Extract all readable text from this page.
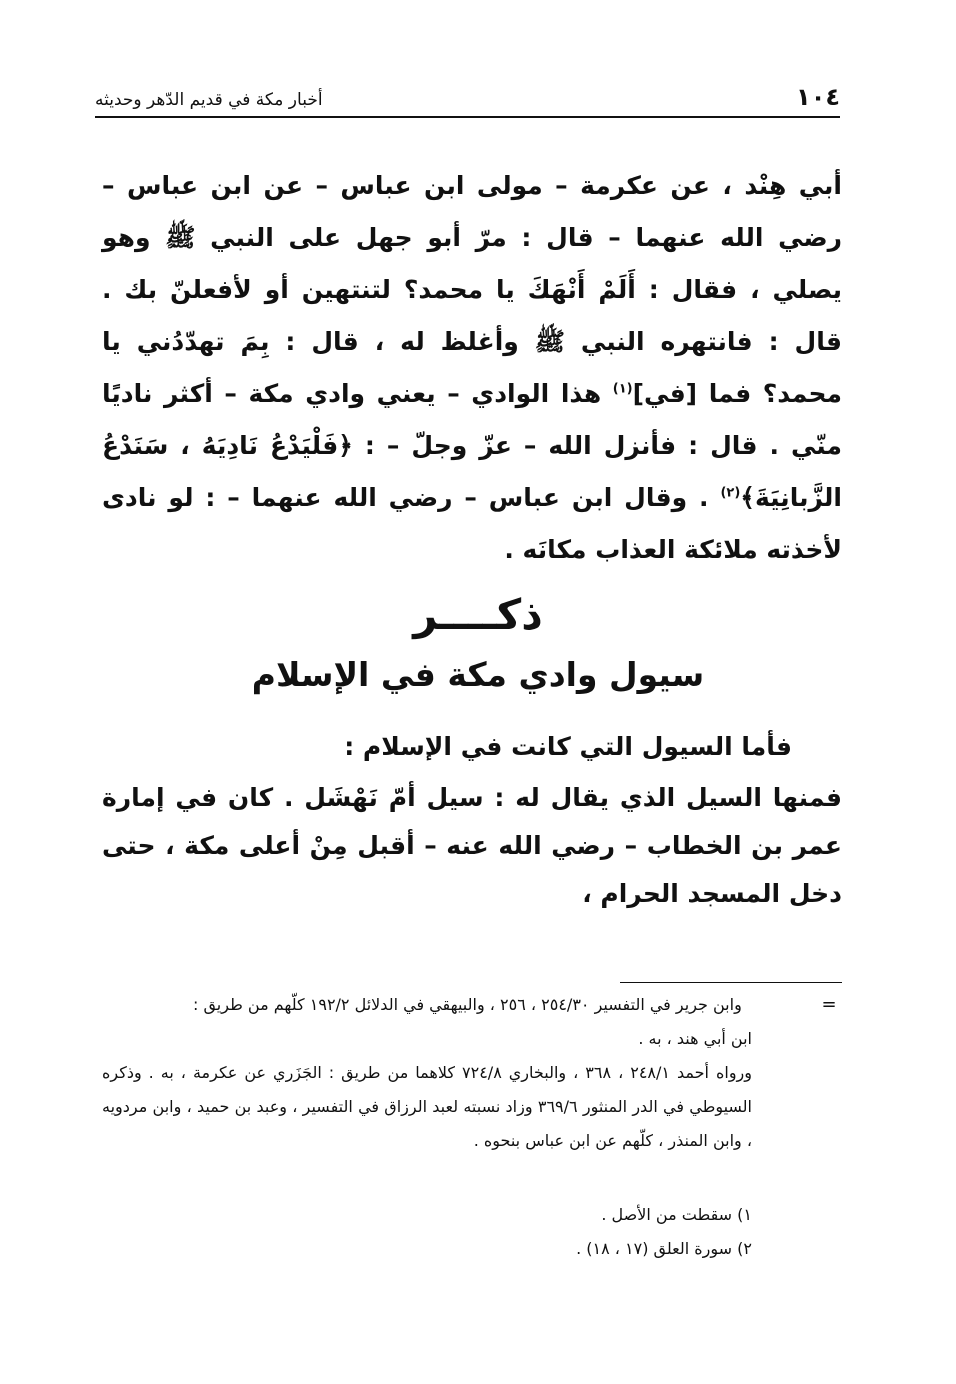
١٠٤
أخبار مكة في قديم الدّهر وحديثه

أبي هِنْد ، عن عكرمة – مولى ابن عباس – عن ابن عباس – رضي الله عنهما – قال : مرّ أبو جهل على النبي ﷺ وهو يصلي ، فقال : أَلَمْ أَنْهَكَ يا محمد؟ لتنتهين أو لأفعلنّ بك . قال : فانتهره النبي ﷺ وأغلظ له ، قال : بِمَ تهدّدُني يا محمد؟ فما [في]$^{(١)}$ هذا الوادي – يعني وادي مكة – أكثر ناديًا منّي . قال : فأنزل الله – عزّ وجلّ – : ﴿فَلْيَدْعُ نَادِيَهُ ، سَنَدْعُ الزَّبانِيَةَ﴾$^{(٢)}$ . وقال ابن عباس – رضي الله عنهما – : لو نادى لأخذته ملائكة العذاب مكانَه .

ذكــــر
سيول وادي مكة في الإسلام

فأما السيول التي كانت في الإسلام :

فمنها السيل الذي يقال له : سيل أمّ نَهْشَل . كان في إمارة عمر بن الخطاب – رضي الله عنه – أقبل مِنْ أعلى مكة ، حتى دخل المسجد الحرام ،

=  وابن جرير في التفسير ٢٥٤/٣٠ ، ٢٥٦ ، والبيهقي في الدلائل ١٩٢/٢ كلّهم من طريق :
ابن أبي هند ، به .
ورواه أحمد ٢٤٨/١ ، ٣٦٨ ، والبخاري ٧٢٤/٨ كلاهما من طريق : الجَزَري عن عكرمة ، به . وذكره السيوطي في الدر المنثور ٣٦٩/٦ وزاد نسبته لعبد الرزاق في التفسير ، وعبد بن حميد ، وابن مردويه ، وابن المنذر ، كلّهم عن ابن عباس بنحوه .
١) سقطت من الأصل .
٢) سورة العلق (١٧ ، ١٨) .
